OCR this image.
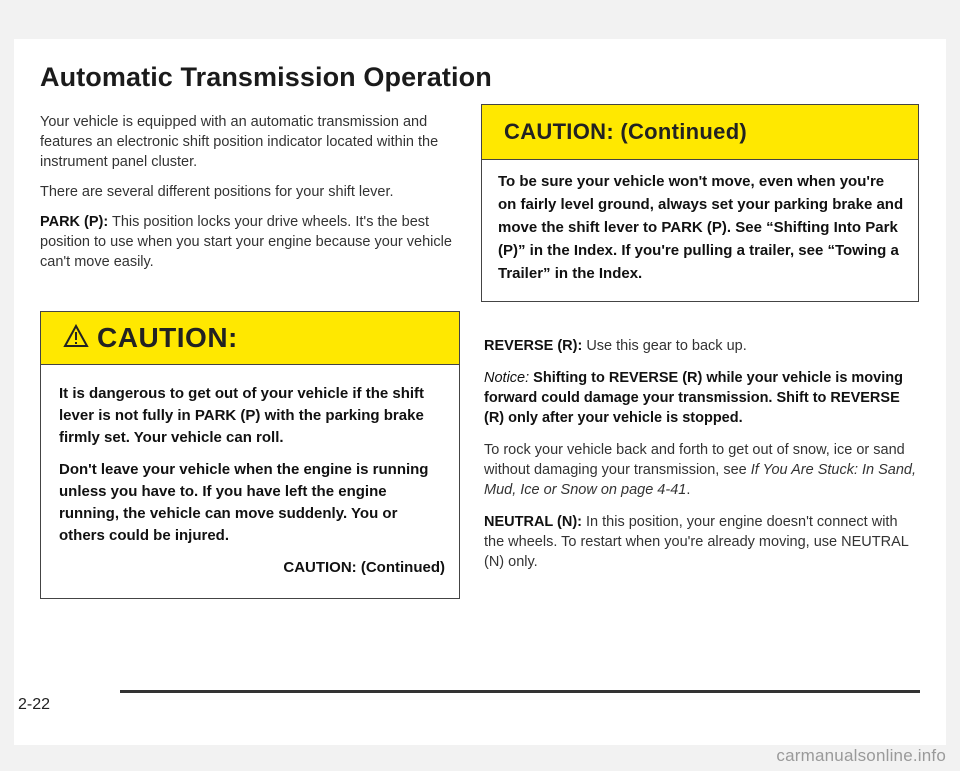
Automatic Transmission Operation

Your vehicle is equipped with an automatic transmission and features an electronic shift position indicator located within the instrument panel cluster.

There are several different positions for your shift lever.

PARK (P): This position locks your drive wheels. It's the best position to use when you start your engine because your vehicle can't move easily.

CAUTION:

It is dangerous to get out of your vehicle if the shift lever is not fully in PARK (P) with the parking brake firmly set. Your vehicle can roll.

Don't leave your vehicle when the engine is running unless you have to. If you have left the engine running, the vehicle can move suddenly. You or others could be injured.

CAUTION: (Continued)

CAUTION: (Continued)

To be sure your vehicle won't move, even when you're on fairly level ground, always set your parking brake and move the shift lever to PARK (P). See “Shifting Into Park (P)” in the Index. If you're pulling a trailer, see “Towing a Trailer” in the Index.

REVERSE (R): Use this gear to back up.

Notice: Shifting to REVERSE (R) while your vehicle is moving forward could damage your transmission. Shift to REVERSE (R) only after your vehicle is stopped.

To rock your vehicle back and forth to get out of snow, ice or sand without damaging your transmission, see If You Are Stuck: In Sand, Mud, Ice or Snow on page 4-41.

NEUTRAL (N): In this position, your engine doesn't connect with the wheels. To restart when you're already moving, use NEUTRAL (N) only.

2-22
carmanualsonline.info
